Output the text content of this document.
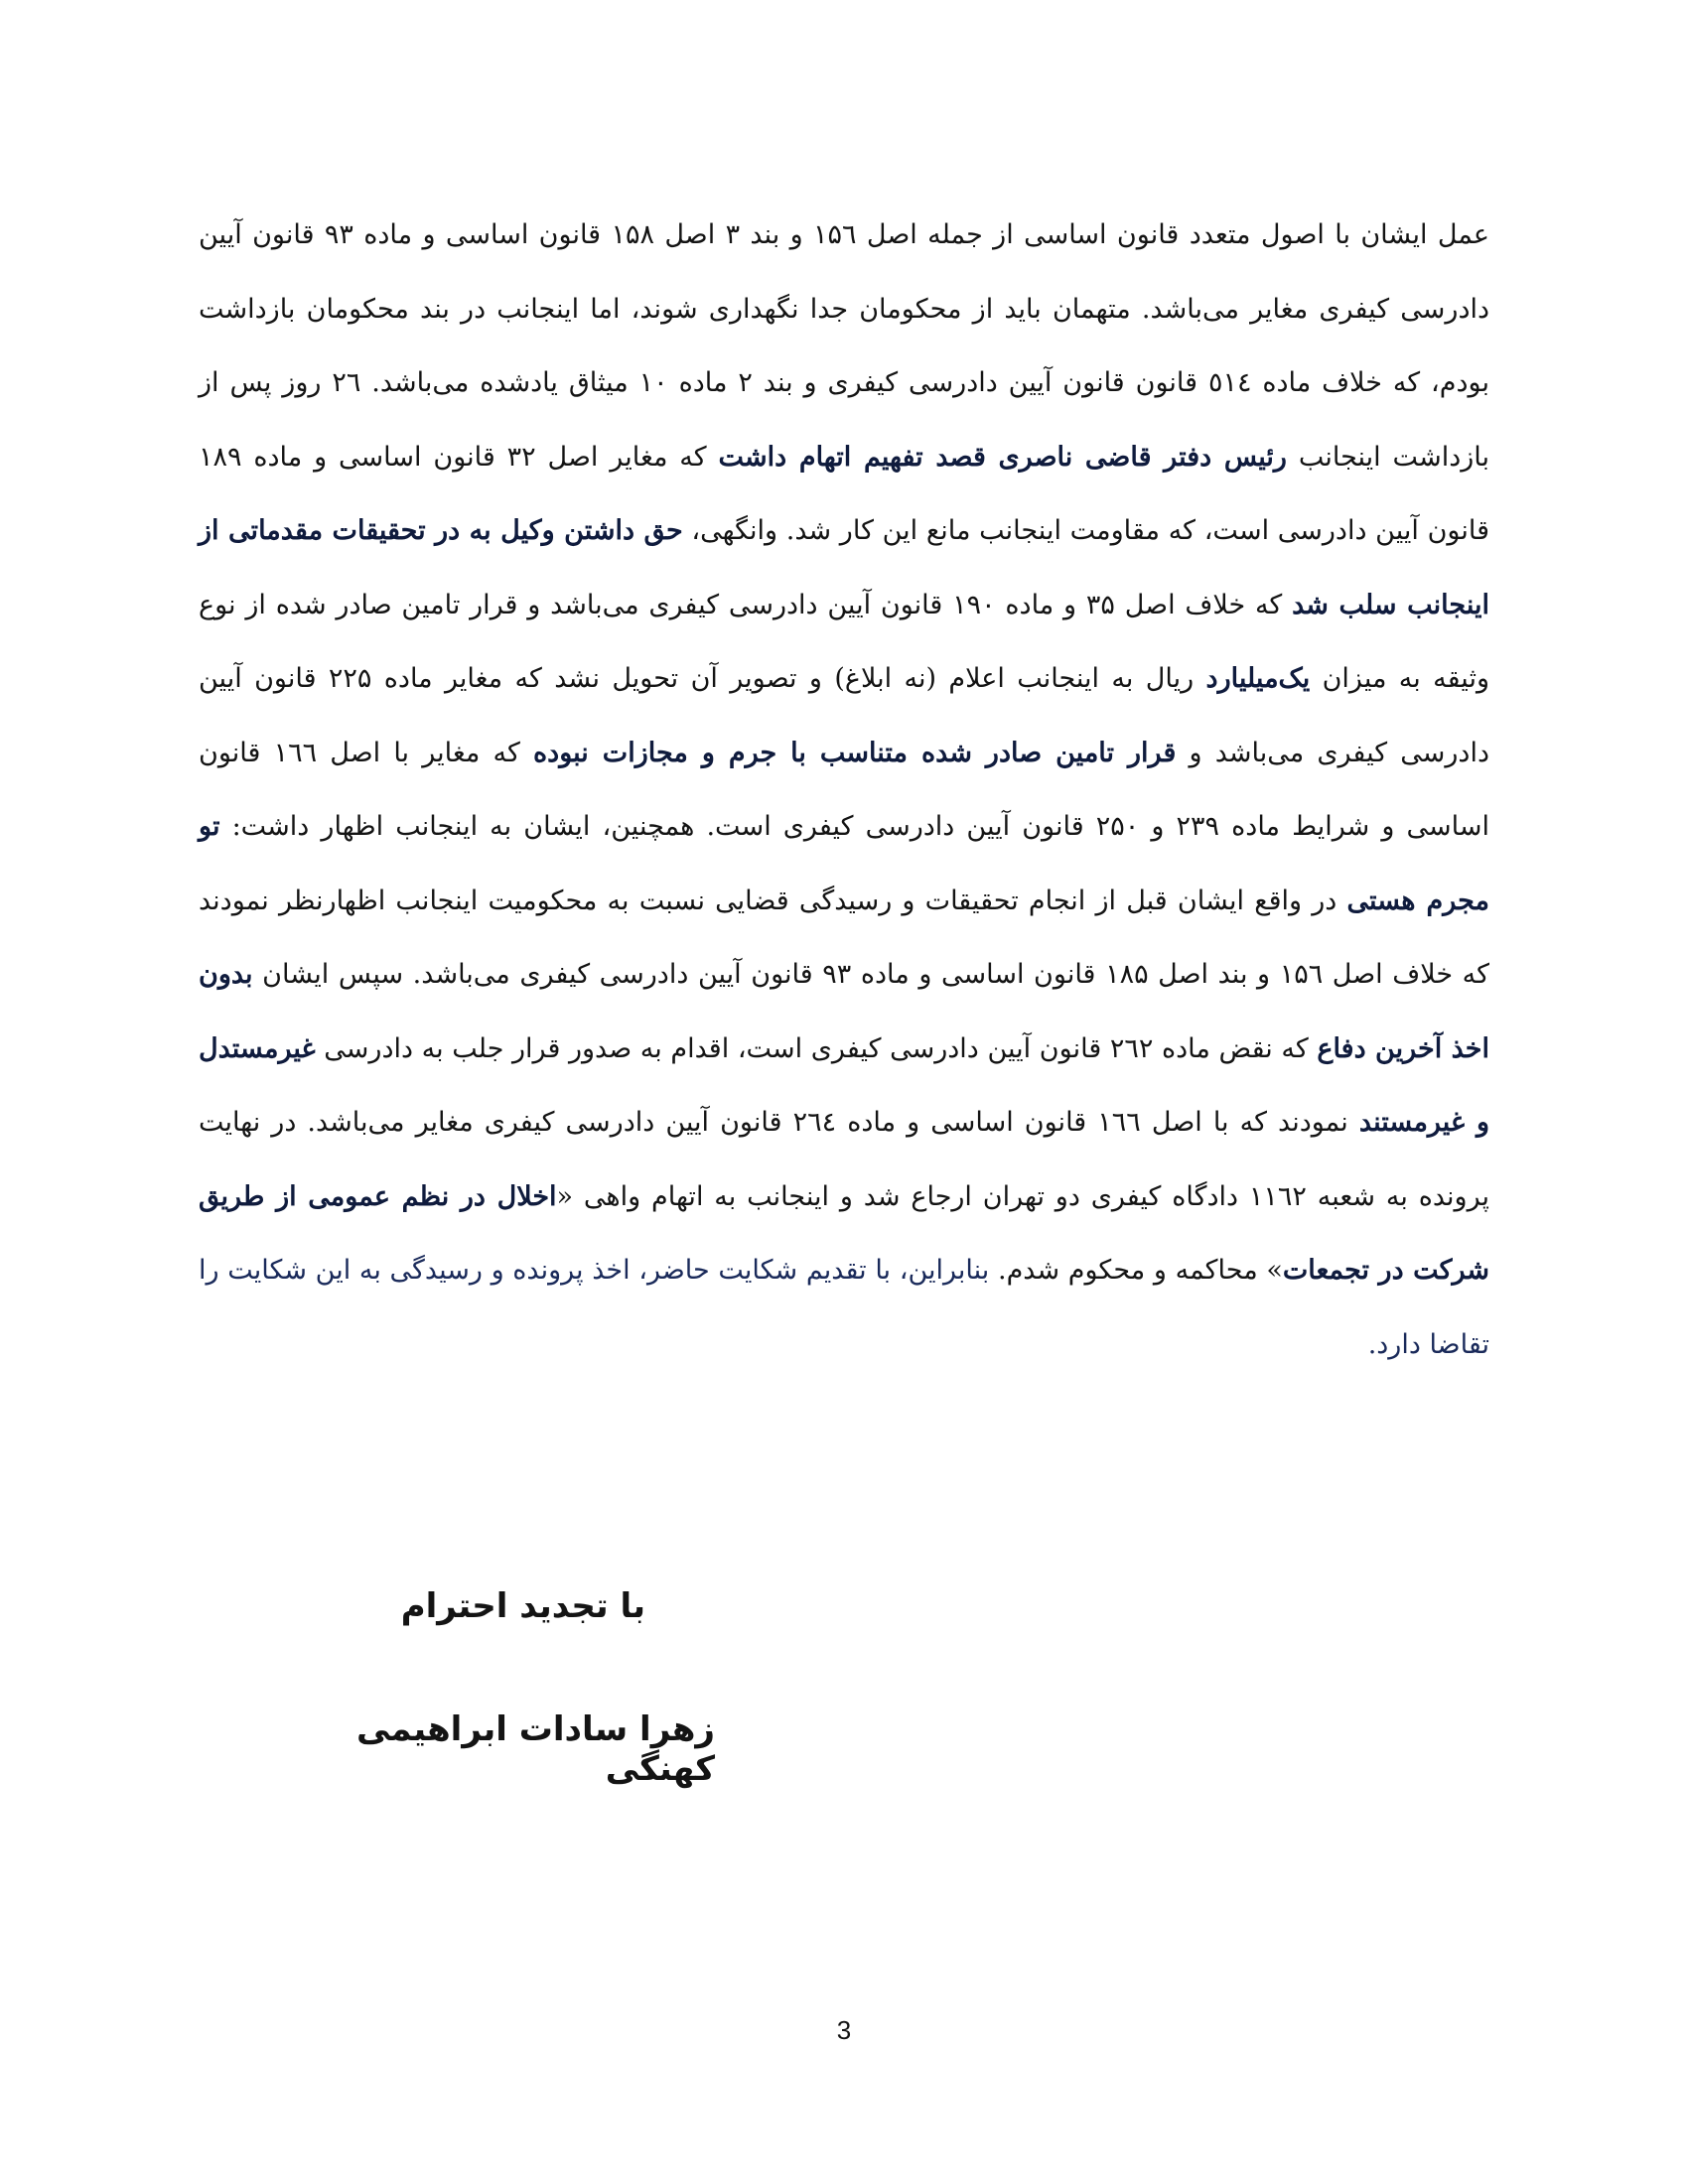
عمل ایشان با اصول متعدد قانون اساسی از جمله اصل ۱۵٦ و بند ۳ اصل ۱۵۸ قانون اساسی و ماده ۹۳ قانون آیین دادرسی کیفری مغایر می‌باشد. متهمان باید از محکومان جدا نگهداری شوند، اما اینجانب در بند محکومان بازداشت بودم، که خلاف ماده ٥١٤ قانون قانون آیین دادرسی کیفری و بند ۲ ماده ۱۰ میثاق یادشده می‌باشد. ۲٦ روز پس از بازداشت اینجانب رئیس دفتر قاضی ناصری قصد تفهیم اتهام داشت که مغایر اصل ۳۲ قانون اساسی و ماده ۱۸۹ قانون آیین دادرسی است، که مقاومت اینجانب مانع این کار شد. وانگهی، حق داشتن وکیل به در تحقیقات مقدماتی از اینجانب سلب شد که خلاف اصل ۳۵ و ماده ۱۹۰ قانون آیین دادرسی کیفری می‌باشد و قرار تامین صادر شده از نوع وثیقه به میزان یک‌میلیارد ریال به اینجانب اعلام (نه ابلاغ) و تصویر آن تحویل نشد که مغایر ماده ۲۲۵ قانون آیین دادرسی کیفری می‌باشد و قرار تامین صادر شده متناسب با جرم و مجازات نبوده که مغایر با اصل ۱٦٦ قانون اساسی و شرایط ماده ۲۳۹ و ۲۵۰ قانون آیین دادرسی کیفری است. همچنین، ایشان به اینجانب اظهار داشت: تو مجرم هستی در واقع ایشان قبل از انجام تحقیقات و رسیدگی قضایی نسبت به محکومیت اینجانب اظهارنظر نمودند که خلاف اصل ۱۵٦ و بند اصل ۱۸۵ قانون اساسی و ماده ۹۳ قانون آیین دادرسی کیفری می‌باشد. سپس ایشان بدون اخذ آخرین دفاع که نقض ماده ۲٦۲ قانون آیین دادرسی کیفری است، اقدام به صدور قرار جلب به دادرسی غیرمستدل و غیرمستند نمودند که با اصل ۱٦٦ قانون اساسی و ماده ۲٦٤ قانون آیین دادرسی کیفری مغایر می‌باشد. در نهایت پرونده به شعبه ۱۱٦۲ دادگاه کیفری دو تهران ارجاع شد و اینجانب به اتهام واهی «اخلال در نظم عمومی از طریق شرکت در تجمعات» محاکمه و محکوم شدم. بنابراین، با تقدیم شکایت حاضر، اخذ پرونده و رسیدگی به این شکایت را تقاضا دارد.

با تجدید احترام
زهرا سادات ابراهیمی کهنگی
3
